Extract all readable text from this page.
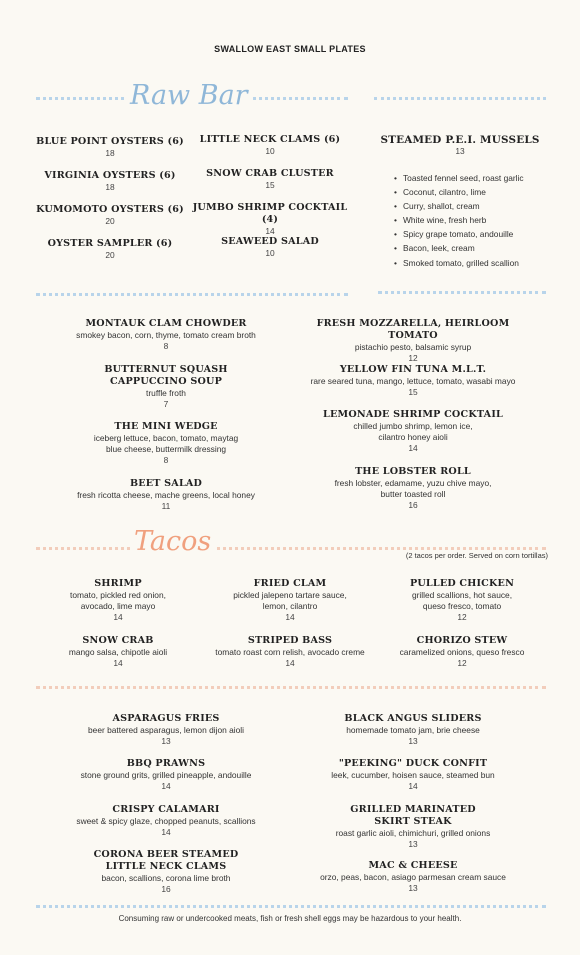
SWALLOW EAST SMALL PLATES
Raw Bar
BLUE POINT OYSTERS (6)
18
VIRGINIA OYSTERS (6)
18
KUMOMOTO OYSTERS (6)
20
OYSTER SAMPLER (6)
20
LITTLE NECK CLAMS (6)
10
SNOW CRAB CLUSTER
15
JUMBO SHRIMP COCKTAIL (4)
14
SEAWEED SALAD
10
STEAMED P.E.I. MUSSELS
13
• Toasted fennel seed, roast garlic
• Coconut, cilantro, lime
• Curry, shallot, cream
• White wine, fresh herb
• Spicy grape tomato, andouille
• Bacon, leek, cream
• Smoked tomato, grilled scallion
MONTAUK CLAM CHOWDER
smokey bacon, corn, thyme, tomato cream broth
8
BUTTERNUT SQUASH
CAPPUCCINO SOUP
truffle froth
7
THE MINI WEDGE
iceberg lettuce, bacon, tomato, maytag
blue cheese, buttermilk dressing
8
BEET SALAD
fresh ricotta cheese, mache greens, local honey
11
FRESH MOZZARELLA, HEIRLOOM TOMATO
pistachio pesto, balsamic syrup
12
YELLOW FIN TUNA M.L.T.
rare seared tuna, mango, lettuce, tomato, wasabi mayo
15
LEMONADE SHRIMP COCKTAIL
chilled jumbo shrimp, lemon ice,
cilantro honey aioli
14
THE LOBSTER ROLL
fresh lobster, edamame, yuzu chive mayo,
butter toasted roll
16
Tacos	(2 tacos per order. Served on corn tortillas)
SHRIMP
tomato, pickled red onion,
avocado, lime mayo
14
FRIED CLAM
pickled jalepeno tartare sauce,
lemon, cilantro
14
PULLED CHICKEN
grilled scallions, hot sauce,
queso fresco, tomato
12
SNOW CRAB
mango salsa, chipotle aioli
14
STRIPED BASS
tomato roast corn relish, avocado creme
14
CHORIZO STEW
caramelized onions, queso fresco
12
ASPARAGUS FRIES
beer battered asparagus, lemon dijon aioli
13
BBQ PRAWNS
stone ground grits, grilled pineapple, andouille
14
CRISPY CALAMARI
sweet & spicy glaze, chopped peanuts, scallions
14
CORONA BEER STEAMED
LITTLE NECK CLAMS
bacon, scallions, corona lime broth
16
BLACK ANGUS SLIDERS
homemade tomato jam, brie cheese
13
"PEEKING" DUCK CONFIT
leek, cucumber, hoisen sauce, steamed bun
14
GRILLED MARINATED
SKIRT STEAK
roast garlic aioli, chimichuri, grilled onions
13
MAC & CHEESE
orzo, peas, bacon, asiago parmesan cream sauce
13
Consuming raw or undercooked meats, fish or fresh shell eggs may be hazardous to your health.
